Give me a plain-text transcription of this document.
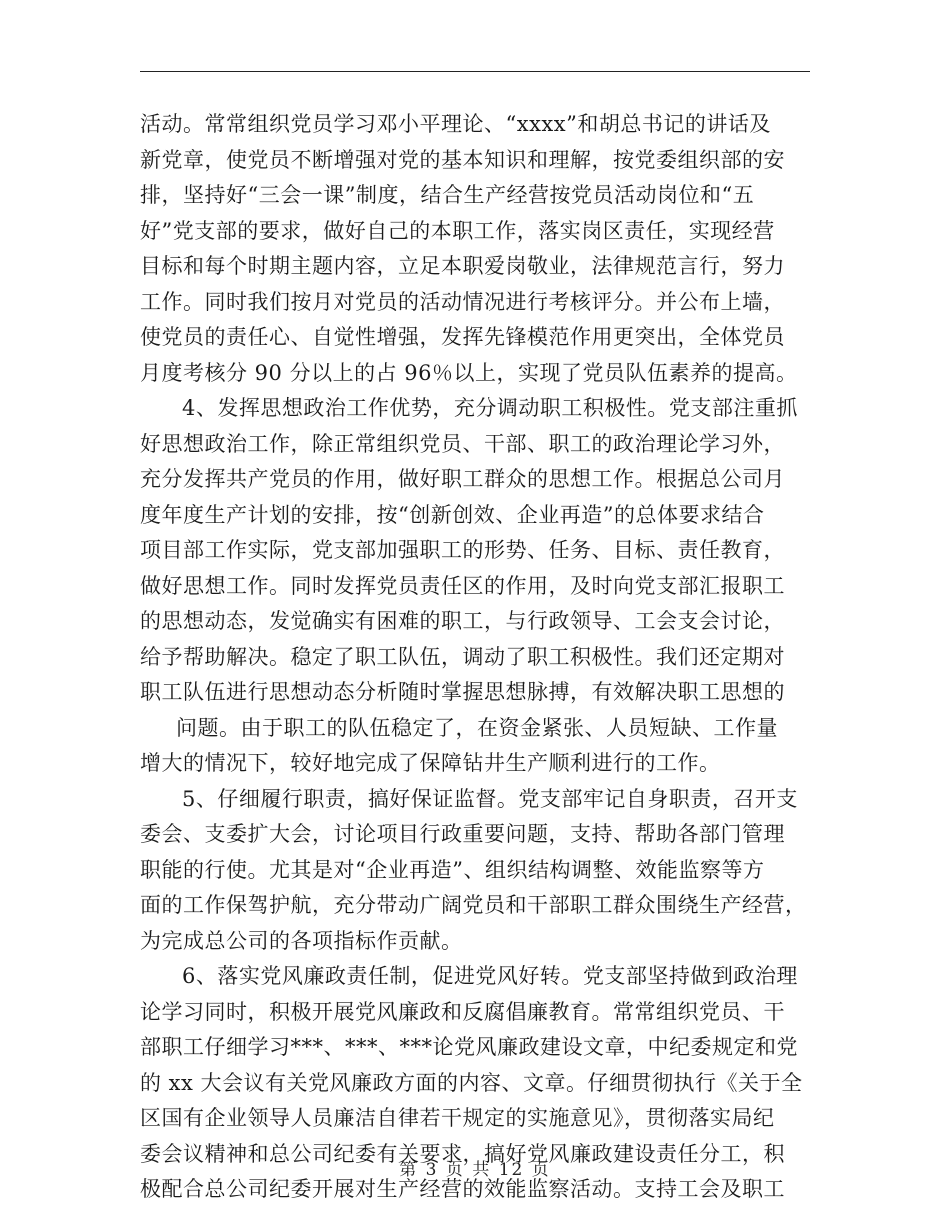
活动。常常组织党员学习邓小平理论、“xxxx”和胡总书记的讲话及
新党章，使党员不断增强对党的基本知识和理解，按党委组织部的安
排，坚持好“三会一课”制度，结合生产经营按党员活动岗位和“五
好”党支部的要求，做好自己的本职工作，落实岗区责任，实现经营
目标和每个时期主题内容，立足本职爱岗敬业，法律规范言行，努力
工作。同时我们按月对党员的活动情况进行考核评分。并公布上墙，
使党员的责任心、自觉性增强，发挥先锋模范作用更突出，全体党员
月度考核分 90 分以上的占 96％以上，实现了党员队伍素养的提高。
4、发挥思想政治工作优势，充分调动职工积极性。党支部注重抓
好思想政治工作，除正常组织党员、干部、职工的政治理论学习外，
充分发挥共产党员的作用，做好职工群众的思想工作。根据总公司月
度年度生产计划的安排，按“创新创效、企业再造”的总体要求结合
项目部工作实际，党支部加强职工的形势、任务、目标、责任教育，
做好思想工作。同时发挥党员责任区的作用，及时向党支部汇报职工
的思想动态，发觉确实有困难的职工，与行政领导、工会支会讨论，
给予帮助解决。稳定了职工队伍，调动了职工积极性。我们还定期对
职工队伍进行思想动态分析随时掌握思想脉搏，有效解决职工思想的
问题。由于职工的队伍稳定了，在资金紧张、人员短缺、工作量
增大的情况下，较好地完成了保障钻井生产顺利进行的工作。
5、仔细履行职责，搞好保证监督。党支部牢记自身职责，召开支
委会、支委扩大会，讨论项目行政重要问题，支持、帮助各部门管理
职能的行使。尤其是对“企业再造”、组织结构调整、效能监察等方
面的工作保驾护航，充分带动广阔党员和干部职工群众围绕生产经营，
为完成总公司的各项指标作贡献。
6、落实党风廉政责任制，促进党风好转。党支部坚持做到政治理
论学习同时，积极开展党风廉政和反腐倡廉教育。常常组织党员、干
部职工仔细学习***、***、***论党风廉政建设文章，中纪委规定和党
的 xx 大会议有关党风廉政方面的内容、文章。仔细贯彻执行《关于全
区国有企业领导人员廉洁自律若干规定的实施意见》，贯彻落实局纪
委会议精神和总公司纪委有关要求，搞好党风廉政建设责任分工，积
极配合总公司纪委开展对生产经营的效能监察活动。支持工会及职工
第 3 页 共 12 页
